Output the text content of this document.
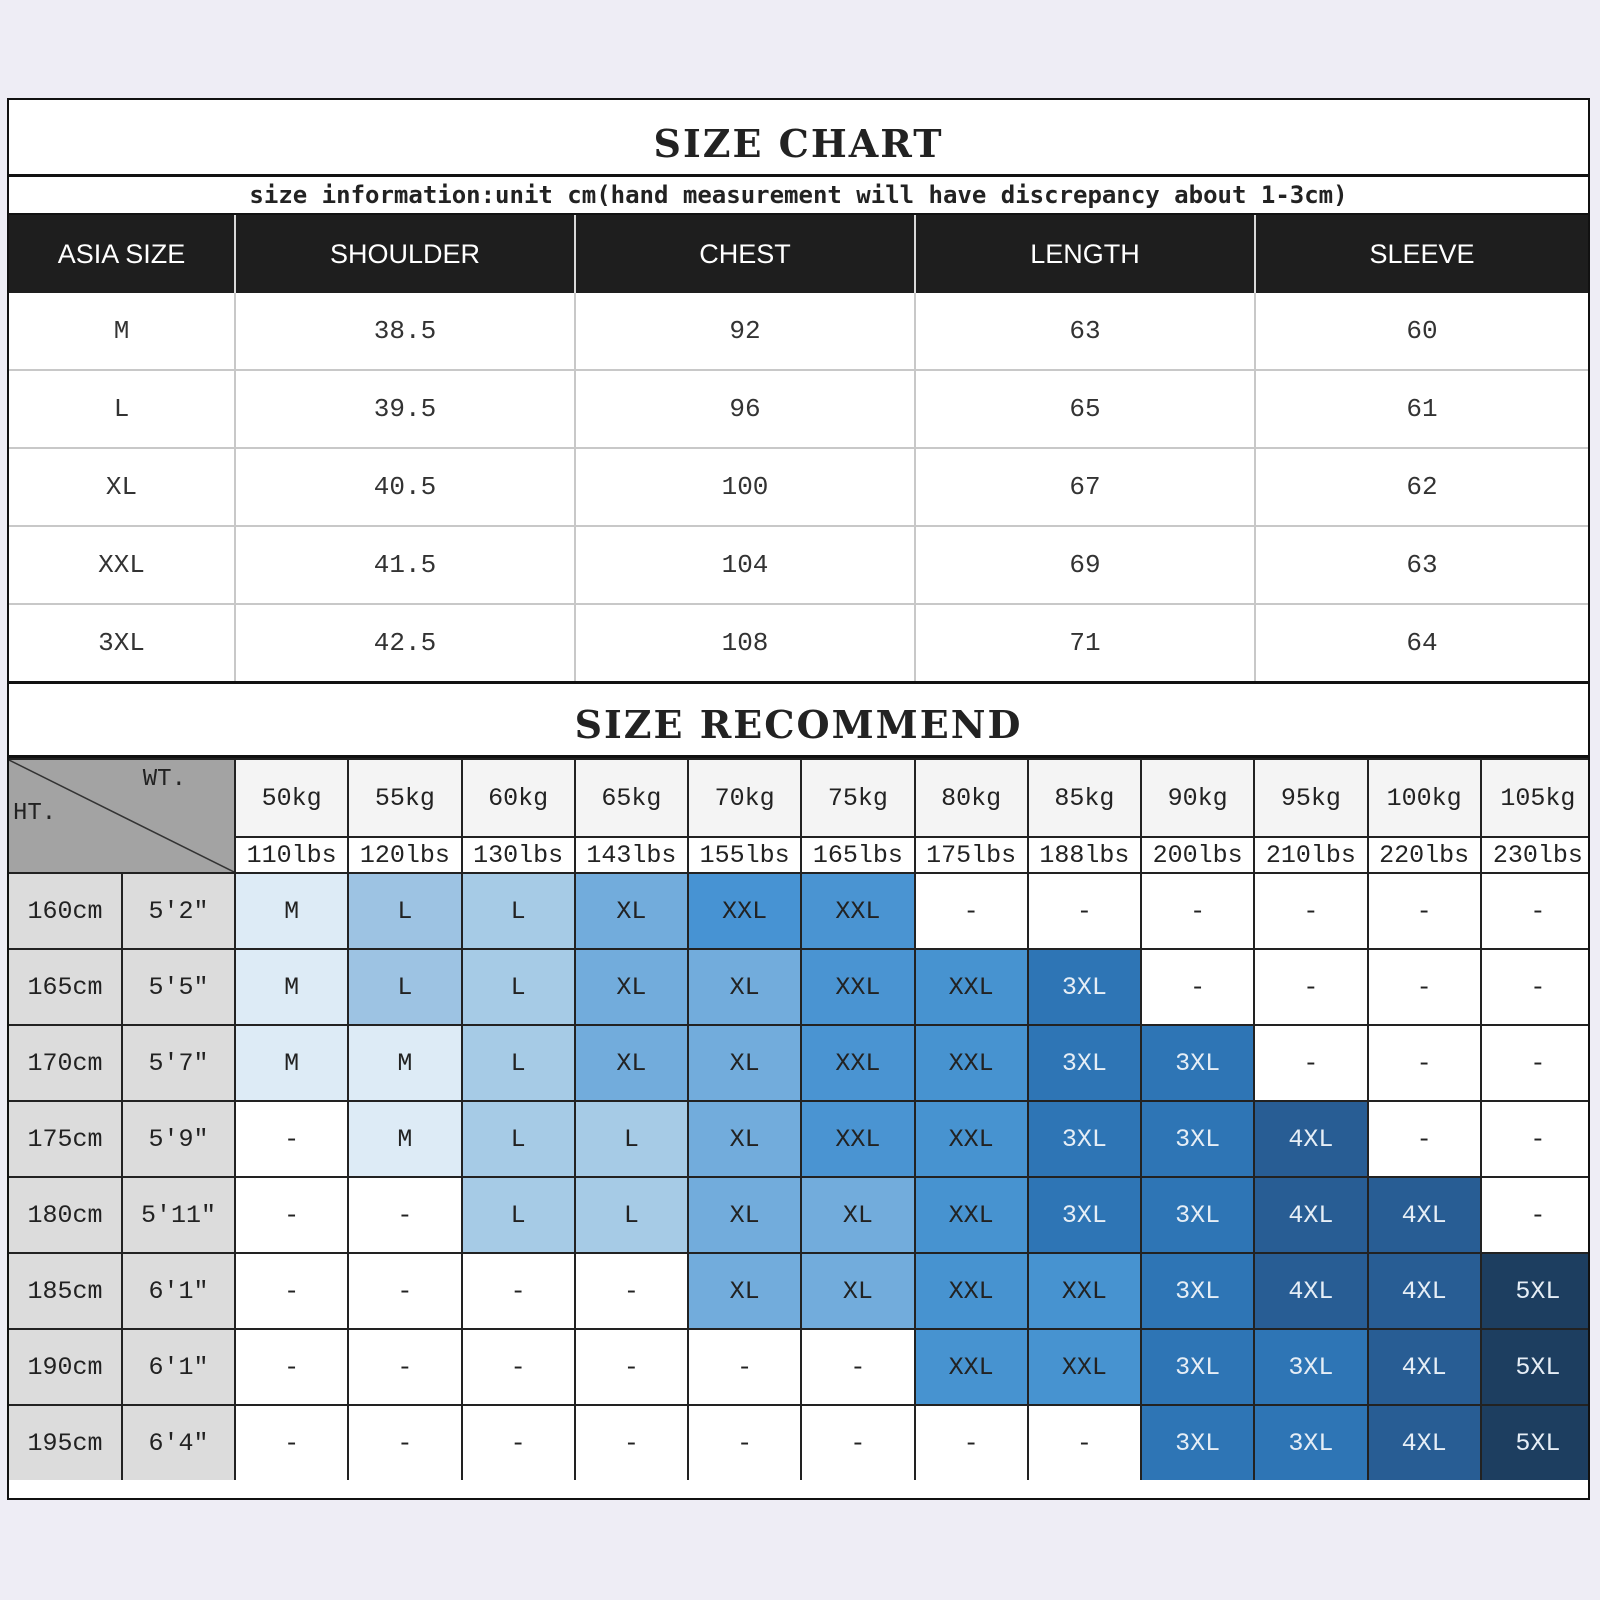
SIZE CHART
size information:unit cm(hand measurement will have discrepancy about 1-3cm)
ASIA SIZE	SHOULDER	CHEST	LENGTH	SLEEVE
M	38.5	92	63	60
L	39.5	96	65	61
XL	40.5	100	67	62
XXL	41.5	104	69	63
3XL	42.5	108	71	64
SIZE RECOMMEND
WT.
HT.		50kg	55kg	60kg	65kg	70kg	75kg	80kg	85kg	90kg	95kg	100kg	105kg
		110lbs	120lbs	130lbs	143lbs	155lbs	165lbs	175lbs	188lbs	200lbs	210lbs	220lbs	230lbs
160cm	5'2"	M	L	L	XL	XXL	XXL	-	-	-	-	-	-
165cm	5'5"	M	L	L	XL	XL	XXL	XXL	3XL	-	-	-	-
170cm	5'7"	M	M	L	XL	XL	XXL	XXL	3XL	3XL	-	-	-
175cm	5'9"	-	M	L	L	XL	XXL	XXL	3XL	3XL	4XL	-	-
180cm	5'11"	-	-	L	L	XL	XL	XXL	3XL	3XL	4XL	4XL	-
185cm	6'1"	-	-	-	-	XL	XL	XXL	XXL	3XL	4XL	4XL	5XL
190cm	6'1"	-	-	-	-	-	-	XXL	XXL	3XL	3XL	4XL	5XL
195cm	6'4"	-	-	-	-	-	-	-	-	3XL	3XL	4XL	5XL
